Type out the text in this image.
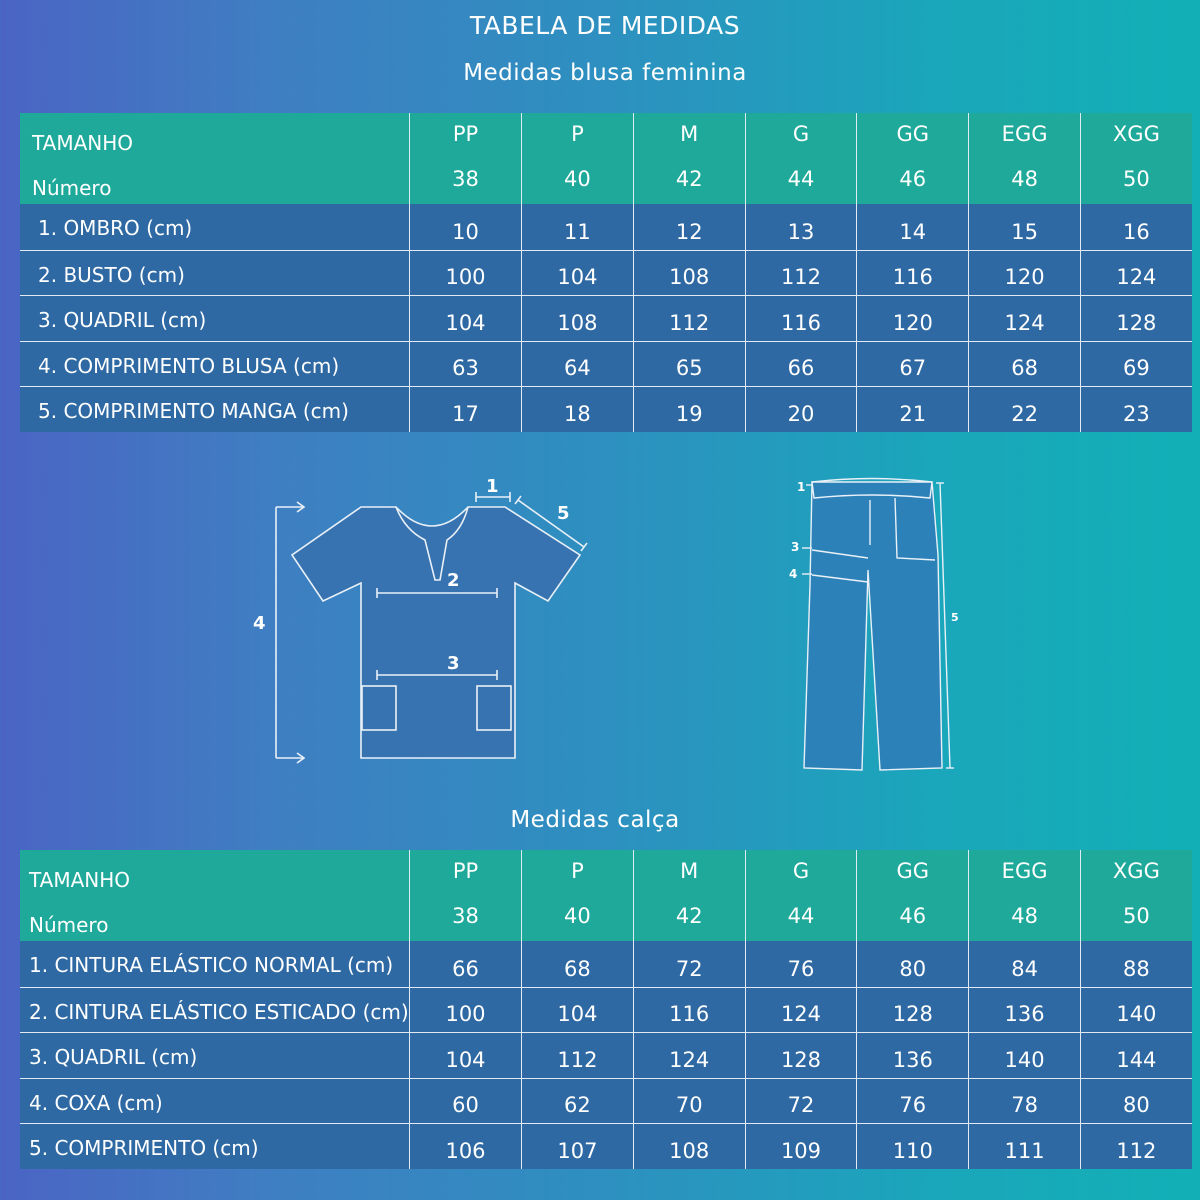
TABELA DE MEDIDAS
Medidas blusa feminina
TAMANHO	PP	P	M	G	GG	EGG	XGG
Número	38	40	42	44	46	48	50
1. OMBRO (cm)	10	11	12	13	14	15	16
2. BUSTO (cm)	100	104	108	112	116	120	124
3. QUADRIL (cm)	104	108	112	116	120	124	128
4. COMPRIMENTO BLUSA (cm)	63	64	65	66	67	68	69
5. COMPRIMENTO MANGA (cm)	17	18	19	20	21	22	23
1
2
3
4
5
1
3
4
5
Medidas calça
TAMANHO	PP	P	M	G	GG	EGG	XGG
Número	38	40	42	44	46	48	50
1. CINTURA ELÁSTICO NORMAL (cm)	66	68	72	76	80	84	88
2. CINTURA ELÁSTICO ESTICADO (cm)	100	104	116	124	128	136	140
3. QUADRIL (cm)	104	112	124	128	136	140	144
4. COXA (cm)	60	62	70	72	76	78	80
5. COMPRIMENTO (cm)	106	107	108	109	110	111	112
